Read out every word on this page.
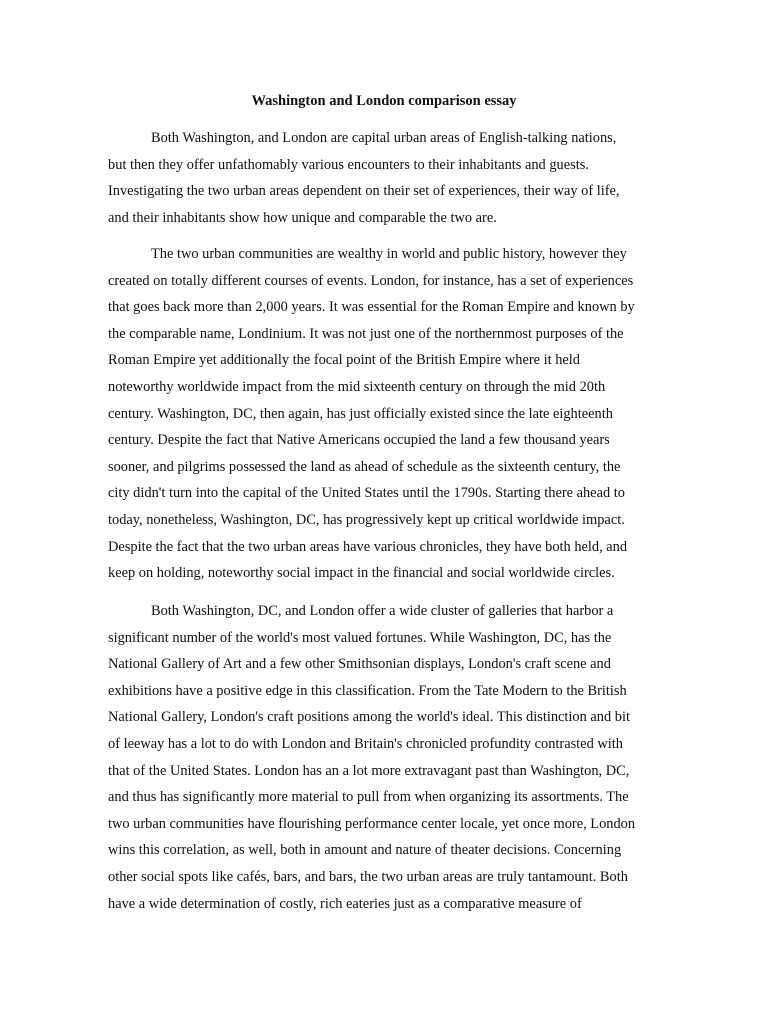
Washington and London comparison essay
Both Washington, and London are capital urban areas of English-talking nations,
but then they offer unfathomably various encounters to their inhabitants and guests.
Investigating the two urban areas dependent on their set of experiences, their way of life,
and their inhabitants show how unique and comparable the two are.
The two urban communities are wealthy in world and public history, however they
created on totally different courses of events. London, for instance, has a set of experiences
that goes back more than 2,000 years. It was essential for the Roman Empire and known by
the comparable name, Londinium. It was not just one of the northernmost purposes of the
Roman Empire yet additionally the focal point of the British Empire where it held
noteworthy worldwide impact from the mid sixteenth century on through the mid 20th
century. Washington, DC, then again, has just officially existed since the late eighteenth
century. Despite the fact that Native Americans occupied the land a few thousand years
sooner, and pilgrims possessed the land as ahead of schedule as the sixteenth century, the
city didn't turn into the capital of the United States until the 1790s. Starting there ahead to
today, nonetheless, Washington, DC, has progressively kept up critical worldwide impact.
Despite the fact that the two urban areas have various chronicles, they have both held, and
keep on holding, noteworthy social impact in the financial and social worldwide circles.
Both Washington, DC, and London offer a wide cluster of galleries that harbor a
significant number of the world's most valued fortunes. While Washington, DC, has the
National Gallery of Art and a few other Smithsonian displays, London's craft scene and
exhibitions have a positive edge in this classification. From the Tate Modern to the British
National Gallery, London's craft positions among the world's ideal. This distinction and bit
of leeway has a lot to do with London and Britain's chronicled profundity contrasted with
that of the United States. London has an a lot more extravagant past than Washington, DC,
and thus has significantly more material to pull from when organizing its assortments. The
two urban communities have flourishing performance center locale, yet once more, London
wins this correlation, as well, both in amount and nature of theater decisions. Concerning
other social spots like cafés, bars, and bars, the two urban areas are truly tantamount. Both
have a wide determination of costly, rich eateries just as a comparative measure of
